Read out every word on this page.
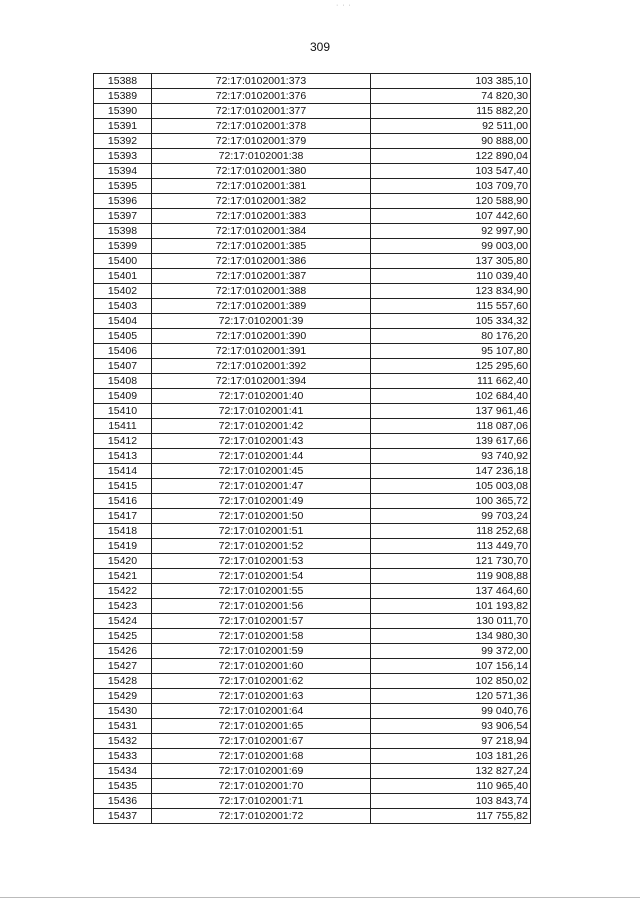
· · ·
309
15388	72:17:0102001:373	103 385,10
15389	72:17:0102001:376	74 820,30
15390	72:17:0102001:377	115 882,20
15391	72:17:0102001:378	92 511,00
15392	72:17:0102001:379	90 888,00
15393	72:17:0102001:38	122 890,04
15394	72:17:0102001:380	103 547,40
15395	72:17:0102001:381	103 709,70
15396	72:17:0102001:382	120 588,90
15397	72:17:0102001:383	107 442,60
15398	72:17:0102001:384	92 997,90
15399	72:17:0102001:385	99 003,00
15400	72:17:0102001:386	137 305,80
15401	72:17:0102001:387	110 039,40
15402	72:17:0102001:388	123 834,90
15403	72:17:0102001:389	115 557,60
15404	72:17:0102001:39	105 334,32
15405	72:17:0102001:390	80 176,20
15406	72:17:0102001:391	95 107,80
15407	72:17:0102001:392	125 295,60
15408	72:17:0102001:394	111 662,40
15409	72:17:0102001:40	102 684,40
15410	72:17:0102001:41	137 961,46
15411	72:17:0102001:42	118 087,06
15412	72:17:0102001:43	139 617,66
15413	72:17:0102001:44	93 740,92
15414	72:17:0102001:45	147 236,18
15415	72:17:0102001:47	105 003,08
15416	72:17:0102001:49	100 365,72
15417	72:17:0102001:50	99 703,24
15418	72:17:0102001:51	118 252,68
15419	72:17:0102001:52	113 449,70
15420	72:17:0102001:53	121 730,70
15421	72:17:0102001:54	119 908,88
15422	72:17:0102001:55	137 464,60
15423	72:17:0102001:56	101 193,82
15424	72:17:0102001:57	130 011,70
15425	72:17:0102001:58	134 980,30
15426	72:17:0102001:59	99 372,00
15427	72:17:0102001:60	107 156,14
15428	72:17:0102001:62	102 850,02
15429	72:17:0102001:63	120 571,36
15430	72:17:0102001:64	99 040,76
15431	72:17:0102001:65	93 906,54
15432	72:17:0102001:67	97 218,94
15433	72:17:0102001:68	103 181,26
15434	72:17:0102001:69	132 827,24
15435	72:17:0102001:70	110 965,40
15436	72:17:0102001:71	103 843,74
15437	72:17:0102001:72	117 755,82
